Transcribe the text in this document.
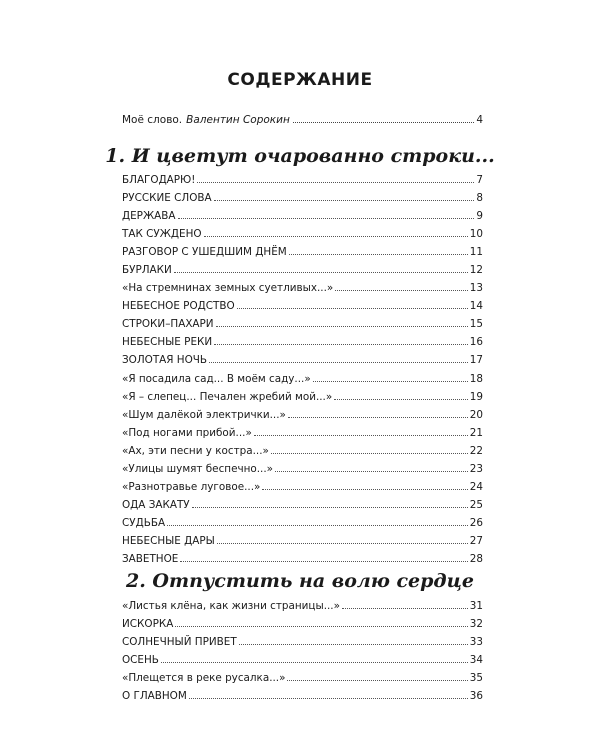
СОДЕРЖАНИЕ
Моё слово. Валентин Сорокин	4
1. И цветут очарованно строки...
БЛАГОДАРЮ!	7
РУССКИЕ СЛОВА	8
ДЕРЖАВА	9
ТАК СУЖДЕНО	10
РАЗГОВОР С УШЕДШИМ ДНЁМ	11
БУРЛАКИ	12
«На стремнинах земных суетливых...»	13
НЕБЕСНОЕ РОДСТВО	14
СТРОКИ–ПАХАРИ	15
НЕБЕСНЫЕ РЕКИ	16
ЗОЛОТАЯ НОЧЬ	17
«Я посадила сад... В моём саду...»	18
«Я – слепец... Печален жребий мой...»	19
«Шум далёкой электрички...»	20
«Под ногами прибой...»	21
«Ах, эти песни у костра...»	22
«Улицы шумят беспечно...»	23
«Разнотравье луговое...»	24
ОДА ЗАКАТУ	25
СУДЬБА	26
НЕБЕСНЫЕ ДАРЫ	27
ЗАВЕТНОЕ	28
2. Отпустить на волю сердце
«Листья клёна, как жизни страницы...»	31
ИСКОРКА	32
СОЛНЕЧНЫЙ ПРИВЕТ	33
ОСЕНЬ	34
«Плещется в реке русалка...»	35
О ГЛАВНОМ	36
